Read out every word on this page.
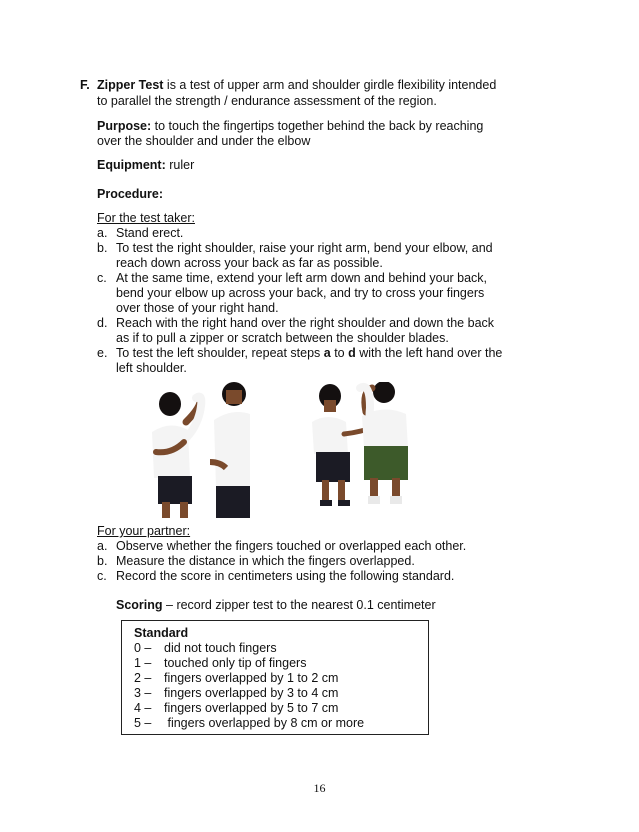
F. Zipper Test is a test of upper arm and shoulder girdle flexibility intended
to parallel the strength / endurance assessment of the region.
Purpose: to touch the fingertips together behind the back by reaching
over the shoulder and under the elbow
Equipment: ruler
Procedure:
For the test taker:
a. Stand erect.
b. To test the right shoulder, raise your right arm, bend your elbow, and
reach down across your back as far as possible.
c. At the same time, extend your left arm down and behind your back,
bend your elbow up across your back, and try to cross your fingers
over those of your right hand.
d. Reach with the right hand over the right shoulder and down the back
as if to pull a zipper or scratch between the shoulder blades.
e. To test the left shoulder, repeat steps a to d with the left hand over the
left shoulder.
For your partner:
a. Observe whether the fingers touched or overlapped each other.
b. Measure the distance in which the fingers overlapped.
c. Record the score in centimeters using the following standard.
Scoring – record zipper test to the nearest 0.1 centimeter
Standard
0 – did not touch fingers
1 – touched only tip of fingers
2 – fingers overlapped by 1 to 2 cm
3 – fingers overlapped by 3 to 4 cm
4 – fingers overlapped by 5 to 7 cm
5 – fingers overlapped by 8 cm or more
16
